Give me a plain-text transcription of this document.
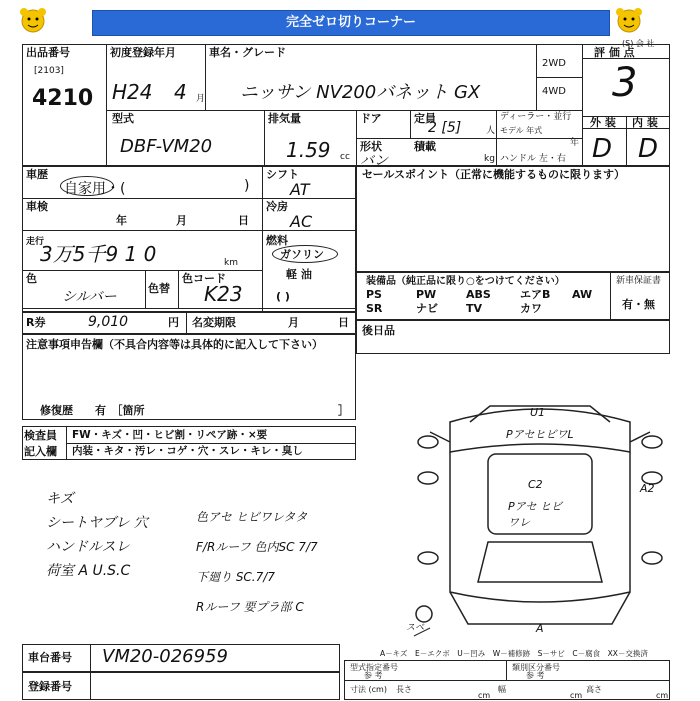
完全ゼロ切りコーナー
(S) 会 社
出品番号
[2103]
4210
初度登録年月
H24 4 月
車名・グレード
ニッサン NV200バネット GX
2WD
4WD
評 価 点
3
外 装 内 装
D D
型式
DBF-VM20
排気量
1.59 cc
ドア	定員
2 [5]	人
ディーラー・並行
モデル 年式
年
形状
バン
積載
kg ハンドル 左・右
車歴
自家用・(	)
シフト
AT
車検
年	月	日
冷房
AC
走行
3万5千9 1 0	km
燃料
ガソリン
軽 油
( )
色
シルバー
色替
色コード
K23
R券	9,010	円 名変期限	月	日
注意事項申告欄（不具合内容等は具体的に記入して下さい）
修復歴　　有　［箇所	］
セールスポイント（正常に機能するものに限ります）
装備品（純正品に限り○をつけてください）	新車保証書
有・無
PS	PW	ABS	エアB AW
SR	ナビ	TV	カワ
後日品
検査員
記入欄
FW・キズ・凹・ヒビ割・リペア跡・×要
内装・キタ・汚レ・コゲ・穴・スレ・キレ・臭し
キズ
シートヤブレ 穴
ハンドルスレ
荷室 A U.S.C
色アセ ヒビワレタタ
F/Rルーフ 色内SC 7/7
下廻り SC.7/7
Rルーフ 要プラ部 C
U1
PアセヒビワL
C2
Pアセ ヒビワレ
A2
スベ	A
A－キズ　E－エクボ　U－凹み　W－補修跡　S－サビ　C－腐食　XX－交換済
車台番号 VM20-026959
登録番号
型式指定番号
参 考
類別区分番号
参 考
寸法 (cm) 長さ
cm
幅
cm
高さ
cm
